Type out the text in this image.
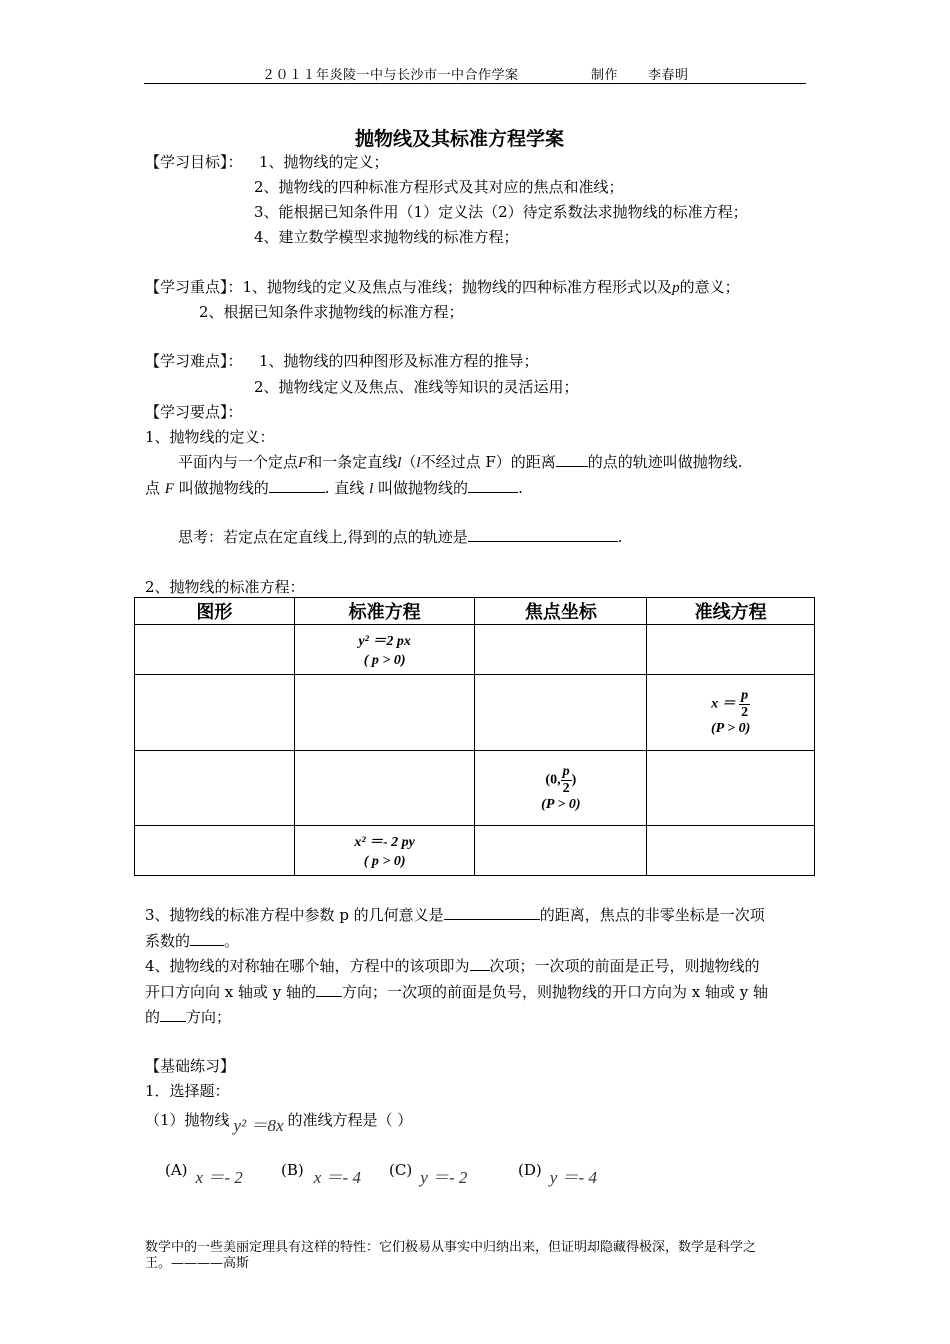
２０１１年炎陵一中与长沙市一中合作学案	制作 李春明
抛物线及其标准方程学案
【学习目标】： 1、抛物线的定义；
2、抛物线的四种标准方程形式及其对应的焦点和准线；
3、能根据已知条件用（1）定义法（2）待定系数法求抛物线的标准方程；
4、建立数学模型求抛物线的标准方程；
【学习重点】：1、抛物线的定义及焦点与准线；抛物线的四种标准方程形式以及p的意义；
2、根据已知条件求抛物线的标准方程；
【学习难点】： 1、抛物线的四种图形及标准方程的推导；
2、抛物线定义及焦点、准线等知识的灵活运用；
【学习要点】：
1、抛物线的定义：
平面内与一个定点F和一条定直线l（l不经过点 F）的距离 的点的轨迹叫做抛物线.
点 F 叫做抛物线的	. 直线 l 叫做抛物线的	.
思考：若定点在定直线上,得到的点的轨迹是	.
2、抛物线的标准方程：
图形	标准方程	焦点坐标	准线方程

	y² ＝2 px
( p > 0)		

			$x = \frac{p}{2}$
(P > 0)

		(0, $\frac{p}{2}$ )
(P > 0)	

	x² ＝- 2 py
( p > 0)		

3、抛物线的标准方程中参数 p 的几何意义是	的距离，焦点的非零坐标是一次项
系数的 。
4、抛物线的对称轴在哪个轴，方程中的该项即为 次项；一次项的前面是正号，则抛物线的
开口方向向 x 轴或 y 轴的 方向；一次项的前面是负号，则抛物线的开口方向为 x 轴或 y 轴
的 方向；
【基础练习】
1．选择题：
（1）抛物线 y² ＝8x 的准线方程是（ ）
(A) x ＝- 2	(B) x ＝- 4 (C) y ＝- 2	(D) y ＝- 4
数学中的一些美丽定理具有这样的特性：它们极易从事实中归纳出来，但证明却隐藏得极深，数学是科学之
王。————高斯
